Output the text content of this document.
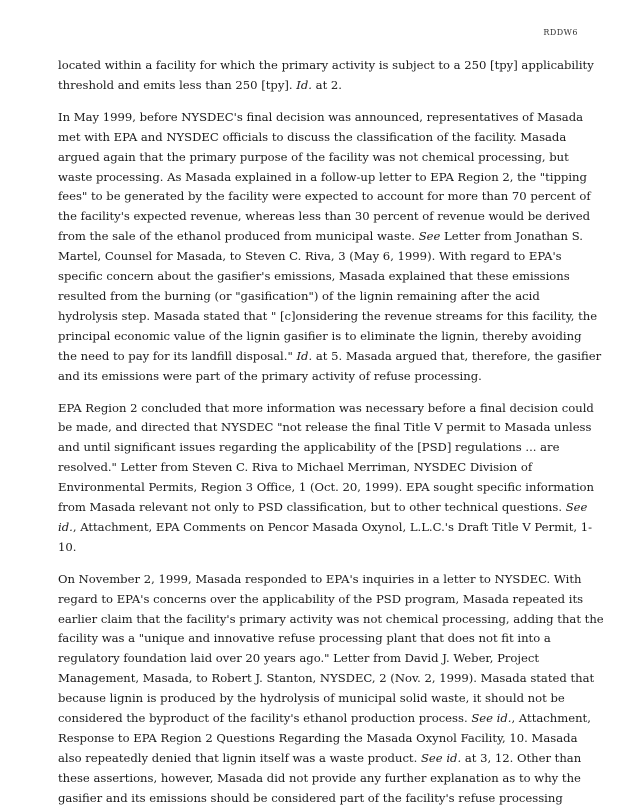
RDDW6
located within a facility for which the primary activity is subject to a 250 [tpy] applicability
threshold and emits less than 250 [tpy]. Id. at 2.
In May 1999, before NYSDEC's final decision was announced, representatives of Masada
met with EPA and NYSDEC officials to discuss the classification of the facility. Masada
argued again that the primary purpose of the facility was not chemical processing, but
waste processing. As Masada explained in a follow-up letter to EPA Region 2, the "tipping
fees" to be generated by the facility were expected to account for more than 70 percent of
the facility's expected revenue, whereas less than 30 percent of revenue would be derived
from the sale of the ethanol produced from municipal waste. See Letter from Jonathan S.
Martel, Counsel for Masada, to Steven C. Riva, 3 (May 6, 1999). With regard to EPA's
specific concern about the gasifier's emissions, Masada explained that these emissions
resulted from the burning (or "gasification") of the lignin remaining after the acid
hydrolysis step. Masada stated that " [c]onsidering the revenue streams for this facility, the
principal economic value of the lignin gasifier is to eliminate the lignin, thereby avoiding
the need to pay for its landfill disposal." Id. at 5. Masada argued that, therefore, the gasifier
and its emissions were part of the primary activity of refuse processing.
EPA Region 2 concluded that more information was necessary before a final decision could
be made, and directed that NYSDEC "not release the final Title V permit to Masada unless
and until significant issues regarding the applicability of the [PSD] regulations ... are
resolved." Letter from Steven C. Riva to Michael Merriman, NYSDEC Division of
Environmental Permits, Region 3 Office, 1 (Oct. 20, 1999). EPA sought specific information
from Masada relevant not only to PSD classification, but to other technical questions. See
id., Attachment, EPA Comments on Pencor Masada Oxynol, L.L.C.'s Draft Title V Permit, 1-
10.
On November 2, 1999, Masada responded to EPA's inquiries in a letter to NYSDEC. With
regard to EPA's concerns over the applicability of the PSD program, Masada repeated its
earlier claim that the facility's primary activity was not chemical processing, adding that the
facility was a "unique and innovative refuse processing plant that does not fit into a
regulatory foundation laid over 20 years ago." Letter from David J. Weber, Project
Management, Masada, to Robert J. Stanton, NYSDEC, 2 (Nov. 2, 1999). Masada stated that
because lignin is produced by the hydrolysis of municipal solid waste, it should not be
considered the byproduct of the facility's ethanol production process. See id., Attachment,
Response to EPA Region 2 Questions Regarding the Masada Oxynol Facility, 10. Masada
also repeatedly denied that lignin itself was a waste product. See id. at 3, 12. Other than
these assertions, however, Masada did not provide any further explanation as to why the
gasifier and its emissions should be considered part of the facility's refuse processing
